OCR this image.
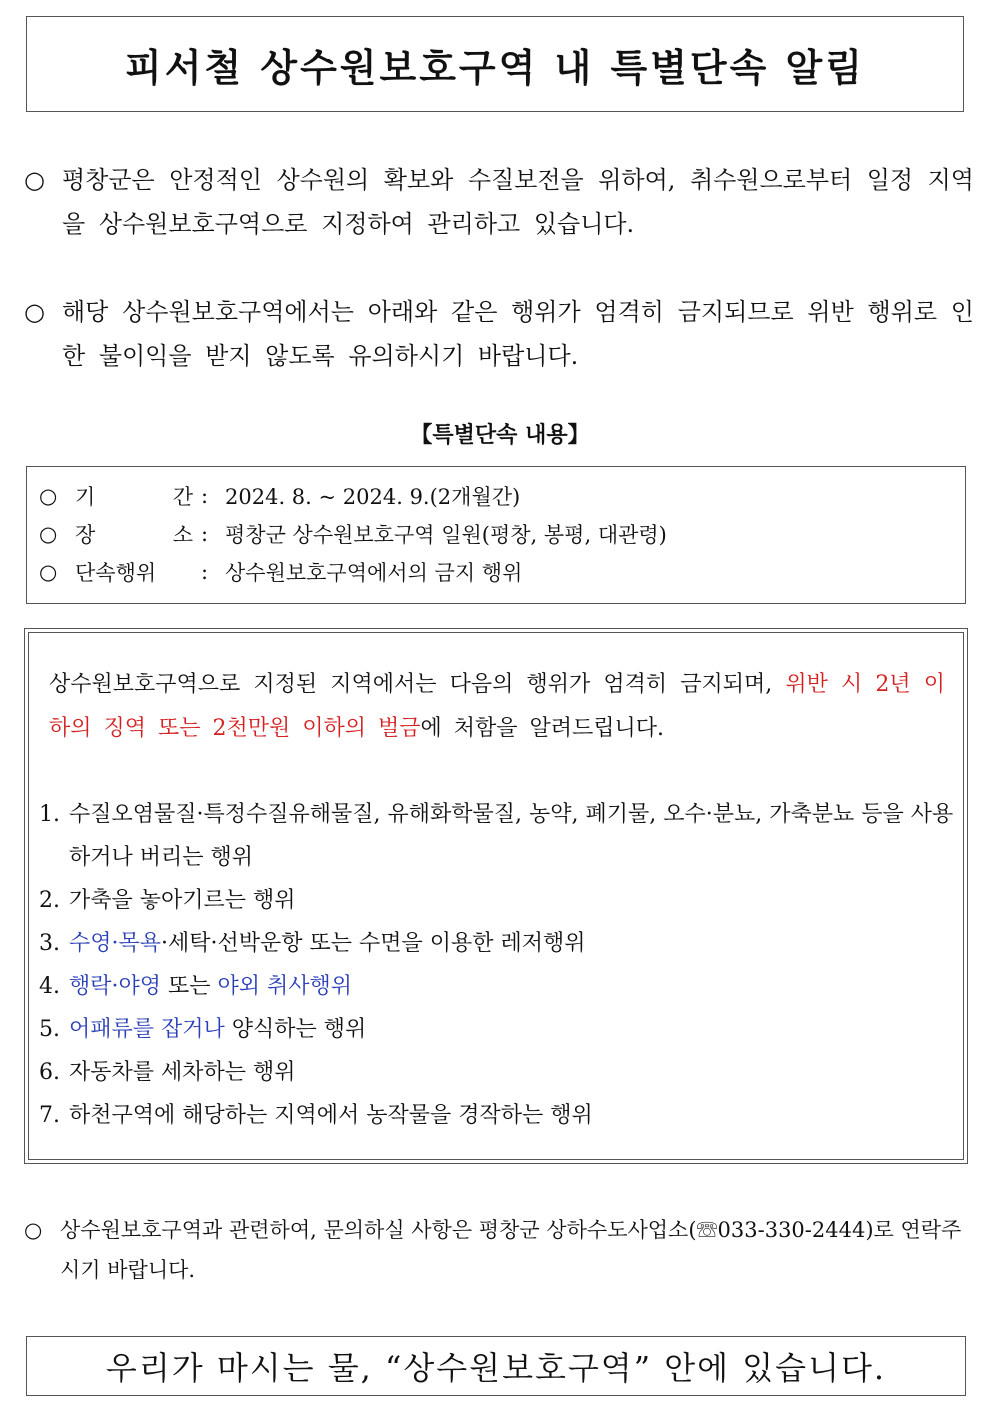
피서철 상수원보호구역 내 특별단속 알림
○ 평창군은 안정적인 상수원의 확보와 수질보전을 위하여, 취수원으로부터 일정 지역을 상수원보호구역으로 지정하여 관리하고 있습니다.
○ 해당 상수원보호구역에서는 아래와 같은 행위가 엄격히 금지되므로 위반 행위로 인한 불이익을 받지 않도록 유의하시기 바랍니다.
【특별단속 내용】
○ 기	간 : 2024. 8. ~ 2024. 9.(2개월간)
○ 장	소 : 평창군 상수원보호구역 일원(평창, 봉평, 대관령)
○ 단속행위	: 상수원보호구역에서의 금지 행위
상수원보호구역으로 지정된 지역에서는 다음의 행위가 엄격히 금지되며, 위반 시 2년 이하의 징역 또는 2천만원 이하의 벌금에 처함을 알려드립니다.
1. 수질오염물질·특정수질유해물질, 유해화학물질, 농약, 폐기물, 오수·분뇨, 가축분뇨 등을 사용하거나 버리는 행위
2. 가축을 놓아기르는 행위
3. 수영·목욕·세탁·선박운항 또는 수면을 이용한 레저행위
4. 행락·야영 또는 야외 취사행위
5. 어패류를 잡거나 양식하는 행위
6. 자동차를 세차하는 행위
7. 하천구역에 해당하는 지역에서 농작물을 경작하는 행위
○ 상수원보호구역과 관련하여, 문의하실 사항은 평창군 상하수도사업소(☏033-330-2444)로 연락주시기 바랍니다.
우리가 마시는 물, “상수원보호구역” 안에 있습니다.
